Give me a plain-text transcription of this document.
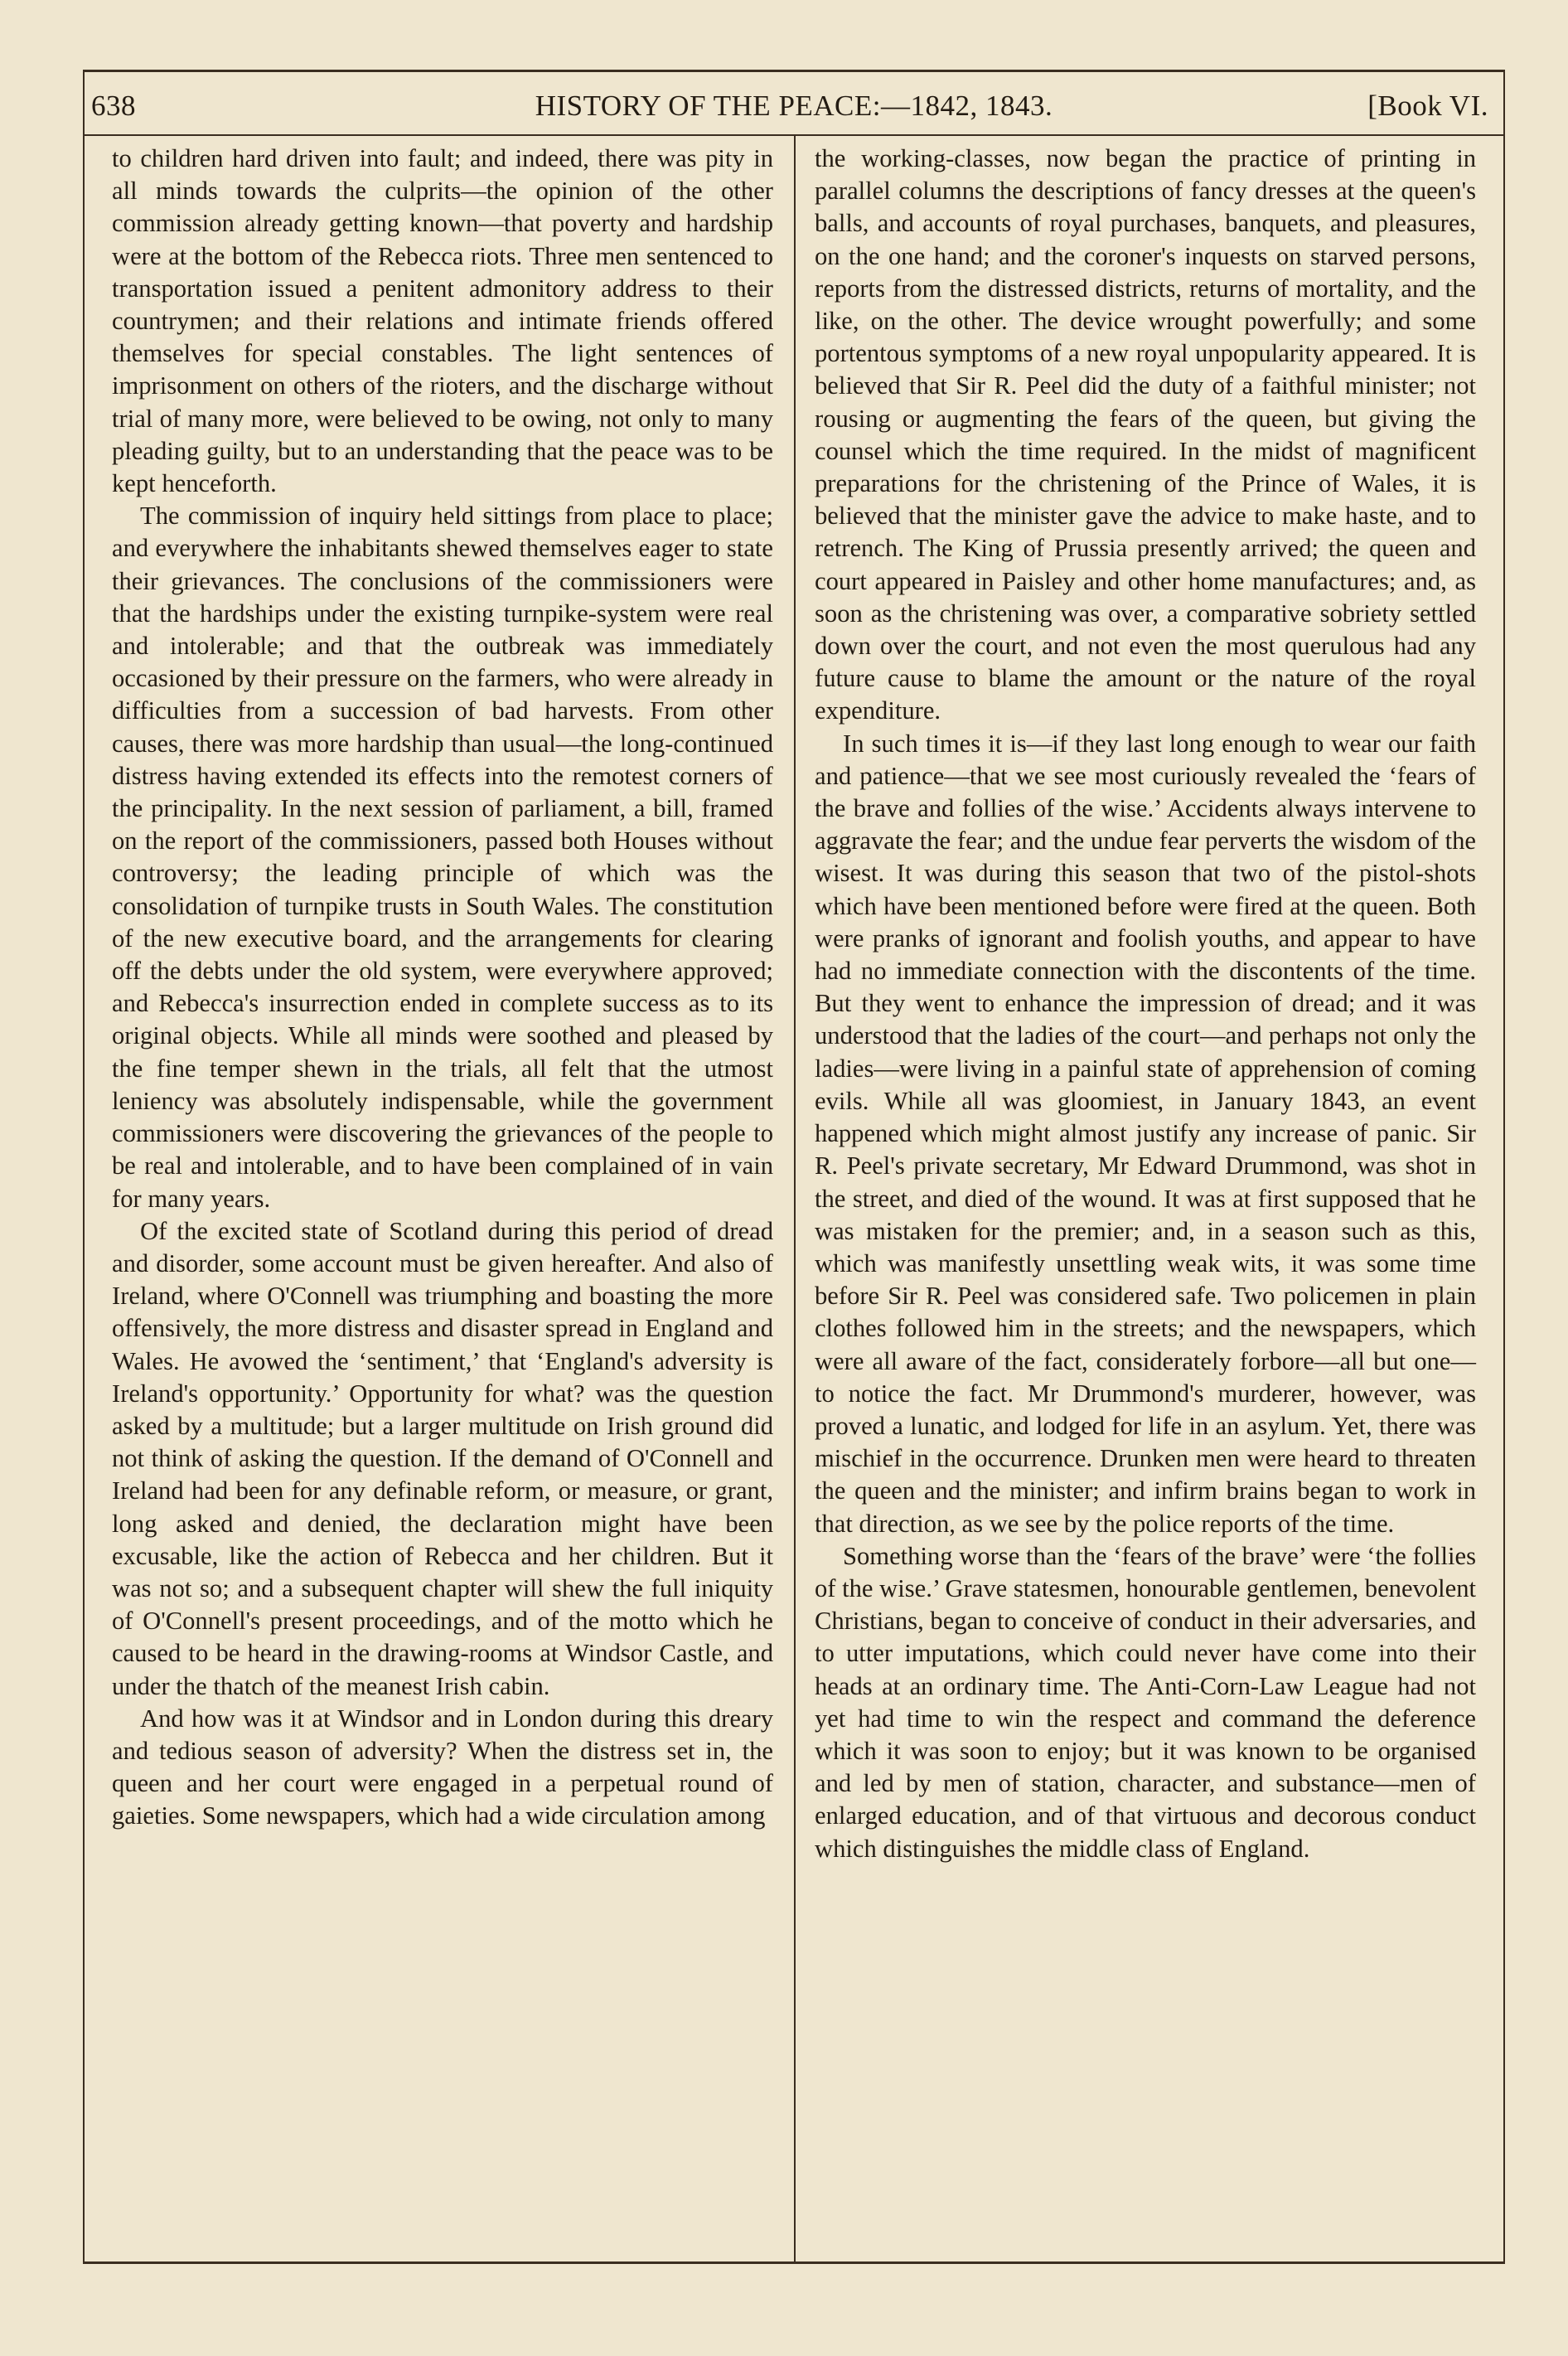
638	HISTORY OF THE PEACE:—1842, 1843.	[Book VI.

to children hard driven into fault; and indeed, there was pity in all minds towards the culprits—the opinion of the other commission already getting known—that poverty and hardship were at the bottom of the Rebecca riots. Three men sentenced to transportation issued a penitent admonitory address to their countrymen; and their relations and intimate friends offered themselves for special constables. The light sentences of imprisonment on others of the rioters, and the discharge without trial of many more, were believed to be owing, not only to many pleading guilty, but to an understanding that the peace was to be kept henceforth.

The commission of inquiry held sittings from place to place; and everywhere the inhabitants shewed themselves eager to state their grievances. The conclusions of the commissioners were that the hardships under the existing turnpike-system were real and intolerable; and that the outbreak was immediately occasioned by their pressure on the farmers, who were already in difficulties from a succession of bad harvests. From other causes, there was more hardship than usual—the long-continued distress having extended its effects into the remotest corners of the principality. In the next session of parliament, a bill, framed on the report of the commissioners, passed both Houses without controversy; the leading principle of which was the consolidation of turnpike trusts in South Wales. The constitution of the new executive board, and the arrangements for clearing off the debts under the old system, were everywhere approved; and Rebecca's insurrection ended in complete success as to its original objects. While all minds were soothed and pleased by the fine temper shewn in the trials, all felt that the utmost leniency was absolutely indispensable, while the government commissioners were discovering the grievances of the people to be real and intolerable, and to have been complained of in vain for many years.

Of the excited state of Scotland during this period of dread and disorder, some account must be given hereafter. And also of Ireland, where O'Connell was triumphing and boasting the more offensively, the more distress and disaster spread in England and Wales. He avowed the ‘sentiment,’ that ‘England's adversity is Ireland's opportunity.’ Opportunity for what? was the question asked by a multitude; but a larger multitude on Irish ground did not think of asking the question. If the demand of O'Connell and Ireland had been for any definable reform, or measure, or grant, long asked and denied, the declaration might have been excusable, like the action of Rebecca and her children. But it was not so; and a subsequent chapter will shew the full iniquity of O'Connell's present proceedings, and of the motto which he caused to be heard in the drawing-rooms at Windsor Castle, and under the thatch of the meanest Irish cabin.

And how was it at Windsor and in London during this dreary and tedious season of adversity? When the distress set in, the queen and her court were engaged in a perpetual round of gaieties. Some newspapers, which had a wide circulation among

the working-classes, now began the practice of printing in parallel columns the descriptions of fancy dresses at the queen's balls, and accounts of royal purchases, banquets, and pleasures, on the one hand; and the coroner's inquests on starved persons, reports from the distressed districts, returns of mortality, and the like, on the other. The device wrought powerfully; and some portentous symptoms of a new royal unpopularity appeared. It is believed that Sir R. Peel did the duty of a faithful minister; not rousing or augmenting the fears of the queen, but giving the counsel which the time required. In the midst of magnificent preparations for the christening of the Prince of Wales, it is believed that the minister gave the advice to make haste, and to retrench. The King of Prussia presently arrived; the queen and court appeared in Paisley and other home manufactures; and, as soon as the christening was over, a comparative sobriety settled down over the court, and not even the most querulous had any future cause to blame the amount or the nature of the royal expenditure.

In such times it is—if they last long enough to wear our faith and patience—that we see most curiously revealed the ‘fears of the brave and follies of the wise.’ Accidents always intervene to aggravate the fear; and the undue fear perverts the wisdom of the wisest. It was during this season that two of the pistol-shots which have been mentioned before were fired at the queen. Both were pranks of ignorant and foolish youths, and appear to have had no immediate connection with the discontents of the time. But they went to enhance the impression of dread; and it was understood that the ladies of the court—and perhaps not only the ladies—were living in a painful state of apprehension of coming evils. While all was gloomiest, in January 1843, an event happened which might almost justify any increase of panic. Sir R. Peel's private secretary, Mr Edward Drummond, was shot in the street, and died of the wound. It was at first supposed that he was mistaken for the premier; and, in a season such as this, which was manifestly unsettling weak wits, it was some time before Sir R. Peel was considered safe. Two policemen in plain clothes followed him in the streets; and the newspapers, which were all aware of the fact, considerately forbore—all but one—to notice the fact. Mr Drummond's murderer, however, was proved a lunatic, and lodged for life in an asylum. Yet, there was mischief in the occurrence. Drunken men were heard to threaten the queen and the minister; and infirm brains began to work in that direction, as we see by the police reports of the time.

Something worse than the ‘fears of the brave’ were ‘the follies of the wise.’ Grave statesmen, honourable gentlemen, benevolent Christians, began to conceive of conduct in their adversaries, and to utter imputations, which could never have come into their heads at an ordinary time. The Anti-Corn-Law League had not yet had time to win the respect and command the deference which it was soon to enjoy; but it was known to be organised and led by men of station, character, and substance—men of enlarged education, and of that virtuous and decorous conduct which distinguishes the middle class of England.
